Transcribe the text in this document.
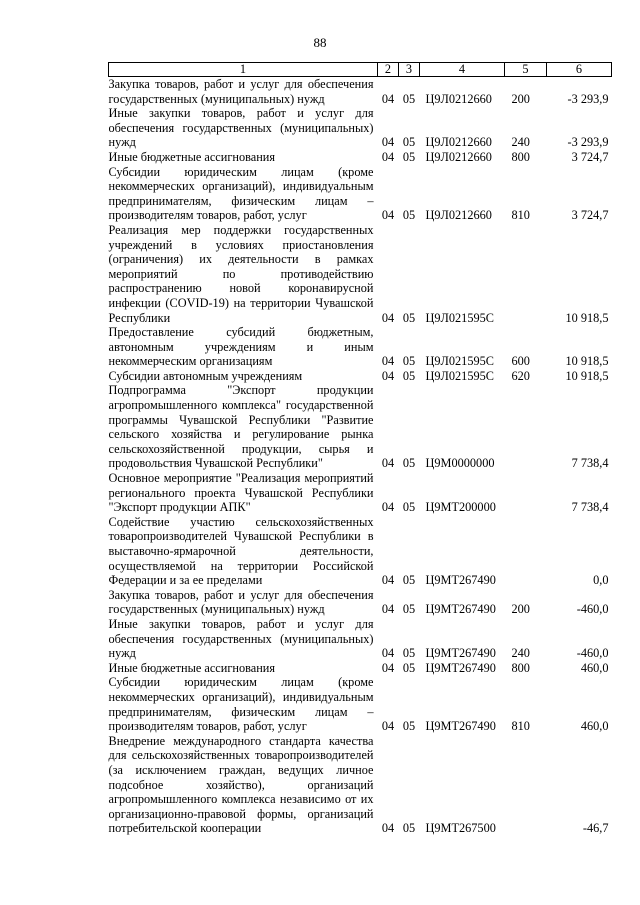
88
1	2	3	4	5	6
Закупка товаров, работ и услуг для обеспечения государственных (муниципальных) нужд	04	05	Ц9Л0212660	200	-3 293,9
Иные закупки товаров, работ и услуг для обеспечения государственных (муниципальных) нужд	04	05	Ц9Л0212660	240	-3 293,9
Иные бюджетные ассигнования	04	05	Ц9Л0212660	800	3 724,7
Субсидии юридическим лицам (кроме некоммерческих организаций), индивидуальным предпринимателям, физическим лицам – производителям товаров, работ, услуг	04	05	Ц9Л0212660	810	3 724,7
Реализация мер поддержки государственных учреждений в условиях приостановления (ограничения) их деятельности в рамках мероприятий по противодействию распространению новой коронавирусной инфекции (COVID-19) на территории Чувашской Республики	04	05	Ц9Л021595С		10 918,5
Предоставление субсидий бюджетным, автономным учреждениям и иным некоммерческим организациям	04	05	Ц9Л021595С	600	10 918,5
Субсидии автономным учреждениям	04	05	Ц9Л021595С	620	10 918,5
Подпрограмма "Экспорт продукции агропромышленного комплекса" государственной программы Чувашской Республики "Развитие сельского хозяйства и регулирование рынка сельскохозяйственной продукции, сырья и продовольствия Чувашской Республики"	04	05	Ц9М0000000		7 738,4
Основное мероприятие "Реализация мероприятий регионального проекта Чувашской Республики "Экспорт продукции АПК"	04	05	Ц9МТ200000		7 738,4
Содействие участию сельскохозяйственных товаропроизводителей Чувашской Республики в выставочно-ярмарочной деятельности, осуществляемой на территории Российской Федерации и за ее пределами	04	05	Ц9МТ267490		0,0
Закупка товаров, работ и услуг для обеспечения государственных (муниципальных) нужд	04	05	Ц9МТ267490	200	-460,0
Иные закупки товаров, работ и услуг для обеспечения государственных (муниципальных) нужд	04	05	Ц9МТ267490	240	-460,0
Иные бюджетные ассигнования	04	05	Ц9МТ267490	800	460,0
Субсидии юридическим лицам (кроме некоммерческих организаций), индивидуальным предпринимателям, физическим лицам – производителям товаров, работ, услуг	04	05	Ц9МТ267490	810	460,0
Внедрение международного стандарта качества для сельскохозяйственных товаропроизводителей (за исключением граждан, ведущих личное подсобное хозяйство), организаций агропромышленного комплекса независимо от их организационно-правовой формы, организаций потребительской кооперации	04	05	Ц9МТ267500		-46,7
